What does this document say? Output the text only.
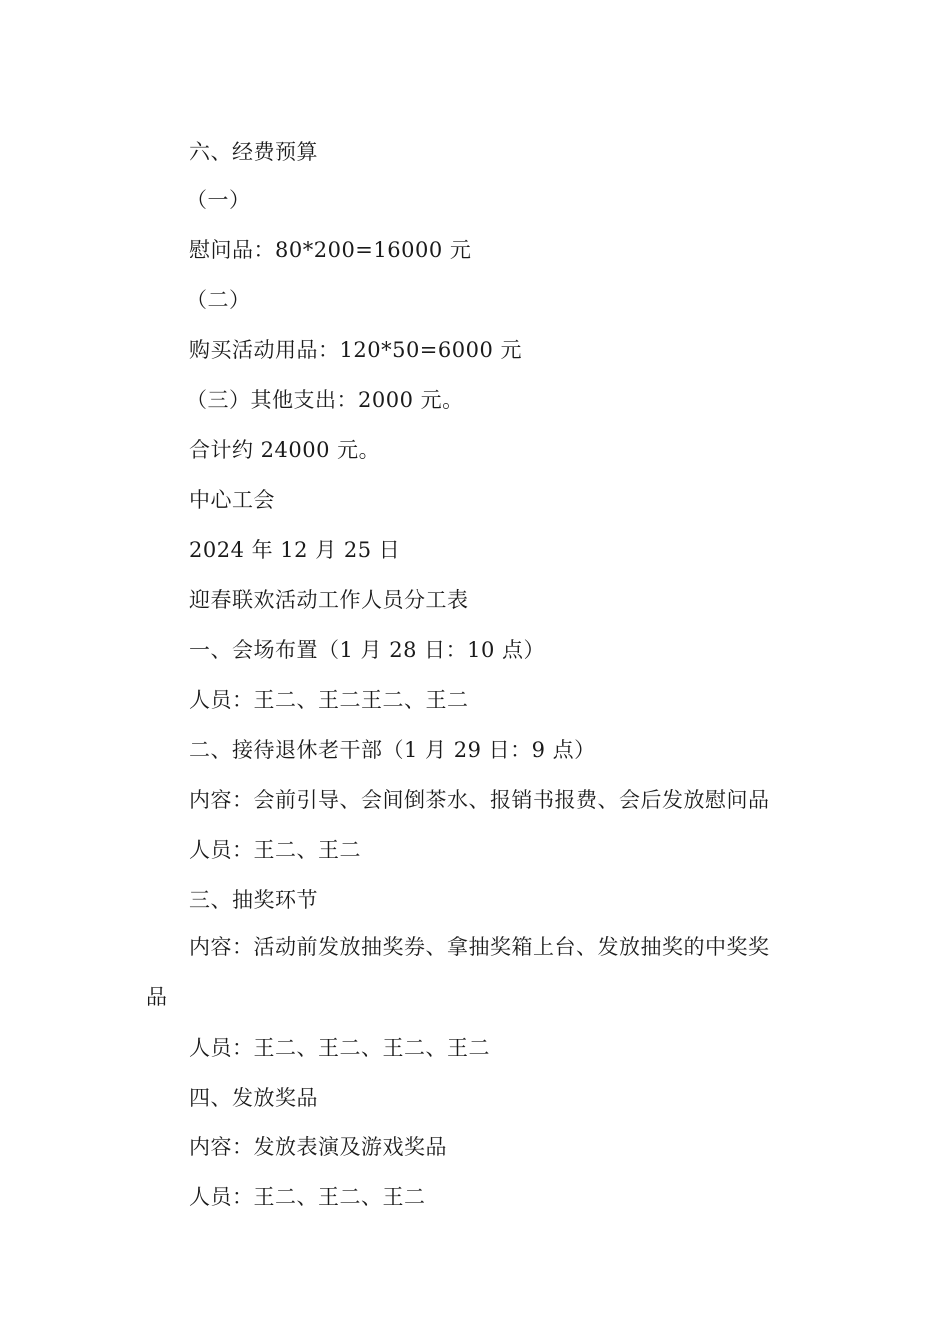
六、经费预算
（一）
慰问品：80*200=16000 元
（二）
购买活动用品：120*50=6000 元
（三）其他支出：2000 元。
合计约 24000 元。
中心工会
2024 年 12 月 25 日
迎春联欢活动工作人员分工表
一、会场布置（1 月 28 日：10 点）
人员：王二、王二王二、王二
二、接待退休老干部（1 月 29 日：9 点）
内容：会前引导、会间倒茶水、报销书报费、会后发放慰问品
人员：王二、王二
三、抽奖环节
内容：活动前发放抽奖券、拿抽奖箱上台、发放抽奖的中奖奖
品
人员：王二、王二、王二、王二
四、发放奖品
内容：发放表演及游戏奖品
人员：王二、王二、王二
